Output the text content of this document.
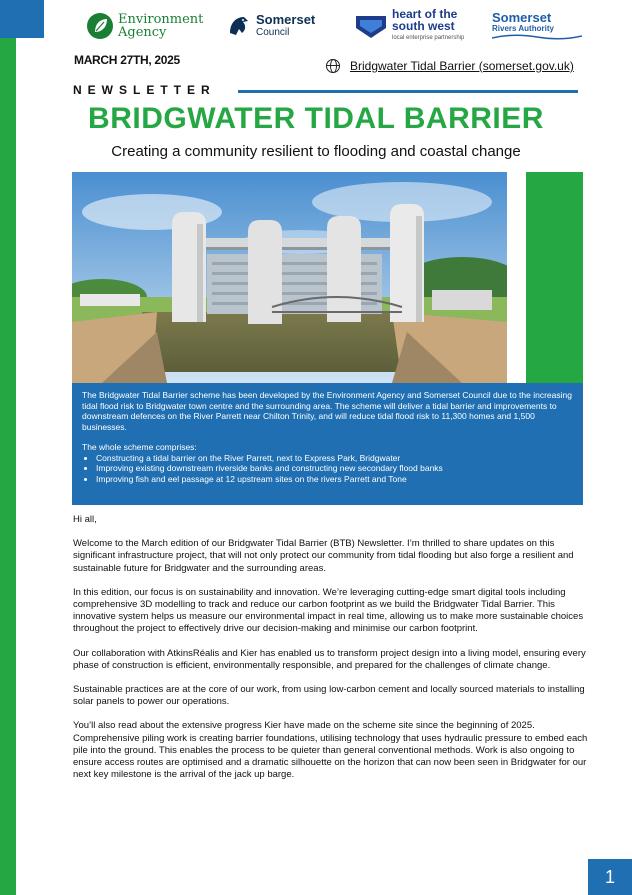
Environment
Agency
Somerset
Council
heart of the
south west
local enterprise partnership
Somerset
Rivers Authority
MARCH 27TH, 2025	Bridgwater Tidal Barrier (somerset.gov.uk)
NEWSLETTER
BRIDGWATER TIDAL BARRIER
Creating a community resilient to flooding and coastal change

The Bridgwater Tidal Barrier scheme has been developed by the Environment Agency and Somerset Council due to the increasing tidal flood risk to Bridgwater town centre and the surrounding area. The scheme will deliver a tidal barrier and improvements to downstream defences on the River Parrett near Chilton Trinity, and will reduce tidal flood risk to 11,300 homes and 1,500 businesses.

The whole scheme comprises:

• Constructing a tidal barrier on the River Parrett, next to Express Park, Bridgwater
• Improving existing downstream riverside banks and constructing new secondary flood banks
• Improving fish and eel passage at 12 upstream sites on the rivers Parrett and Tone

Hi all,

Welcome to the March edition of our Bridgwater Tidal Barrier (BTB) Newsletter. I’m thrilled to share updates on this significant infrastructure project, that will not only protect our community from tidal flooding but also forge a resilient and sustainable future for Bridgwater and the surrounding areas.

In this edition, our focus is on sustainability and innovation. We’re leveraging cutting-edge smart digital tools including comprehensive 3D modelling to track and reduce our carbon footprint as we build the Bridgwater Tidal Barrier. This innovative system helps us measure our environmental impact in real time, allowing us to make more sustainable choices throughout the project to effectively drive our decision-making and minimise our carbon footprint.

Our collaboration with AtkinsRéalis and Kier has enabled us to transform project design into a living model, ensuring every phase of construction is efficient, environmentally responsible, and prepared for the challenges of climate change.

Sustainable practices are at the core of our work, from using low-carbon cement and locally sourced materials to installing solar panels to power our operations.

You’ll also read about the extensive progress Kier have made on the scheme site since the beginning of 2025. Comprehensive piling work is creating barrier foundations, utilising technology that uses hydraulic pressure to embed each pile into the ground. This enables the process to be quieter than general conventional methods. Work is also ongoing to ensure access routes are optimised and a dramatic silhouette on the horizon that can now been seen in Bridgwater for our next key milestone is the arrival of the jack up barge.

1
